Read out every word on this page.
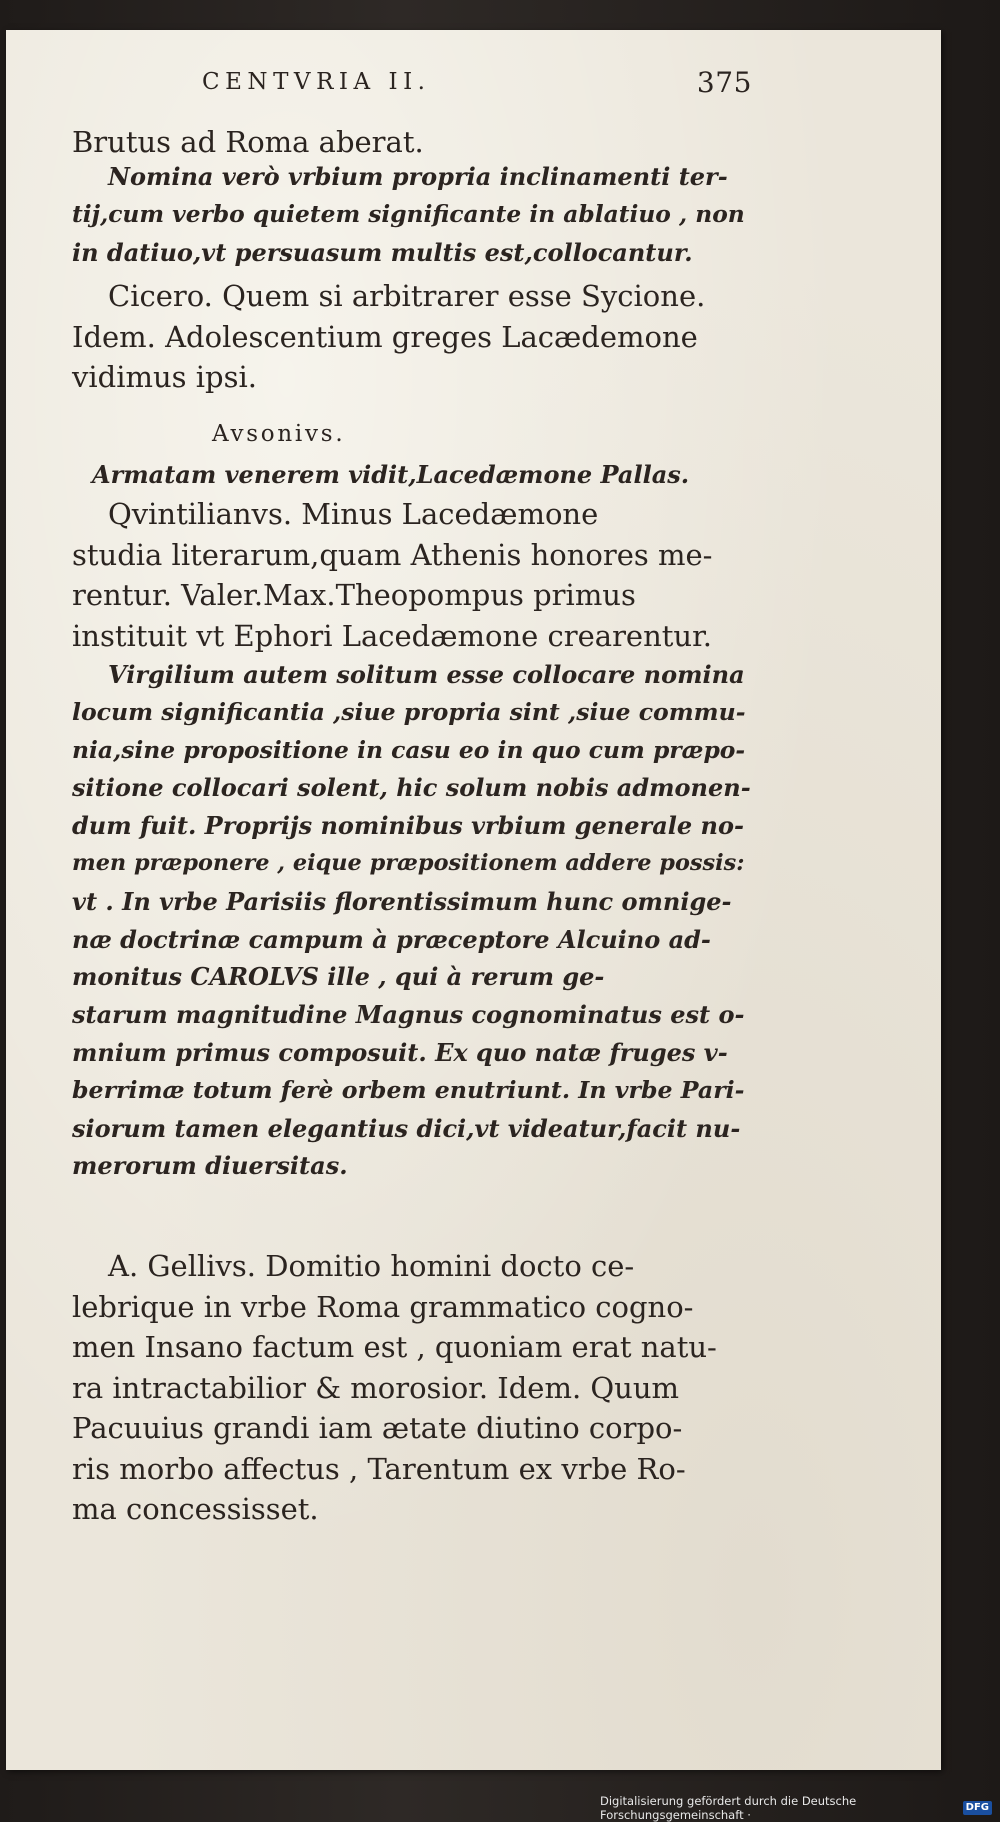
CENTVRIA II.	375
Brutus ad Roma aberat.
Nomina verò vrbium propria inclinamenti ter-
tij,cum verbo quietem significante in ablatiuo , non
in datiuo,vt persuasum multis est,collocantur.
Cicero. Quem si arbitrarer esse Sycione.
Idem. Adolescentium greges Lacædemone
vidimus ipsi.
Avsonivs.
Armatam venerem vidit,Lacedæmone Pallas.
Qvintilianvs. Minus Lacedæmone
studia literarum,quam Athenis honores me-
rentur. Valer.Max.Theopompus primus
instituit vt Ephori Lacedæmone crearentur.
Virgilium autem solitum esse collocare nomina
locum significantia ,siue propria sint ,siue commu-
nia,sine propositione in casu eo in quo cum præpo-
sitione collocari solent, hic solum nobis admonen-
dum fuit. Proprijs nominibus vrbium generale no-
men præponere , eique præpositionem addere possis:
vt . In vrbe Parisiis florentissimum hunc omnige-
næ doctrinæ campum à præceptore Alcuino ad-
monitus CAROLVS ille , qui à rerum ge-
starum magnitudine Magnus cognominatus est o-
mnium primus composuit. Ex quo natæ fruges v-
berrimæ totum ferè orbem enutriunt. In vrbe Pari-
siorum tamen elegantius dici,vt videatur,facit nu-
merorum diuersitas.
A. Gellivs. Domitio homini docto ce-
lebrique in vrbe Roma grammatico cogno-
men Insano factum est , quoniam erat natu-
ra intractabilior & morosior. Idem. Quum
Pacuuius grandi iam ætate diutino corpo-
ris morbo affectus , Tarentum ex vrbe Ro-
ma concessisset.
Digitalisierung gefördert durch die Deutsche Forschungsgemeinschaft ·
DFG
